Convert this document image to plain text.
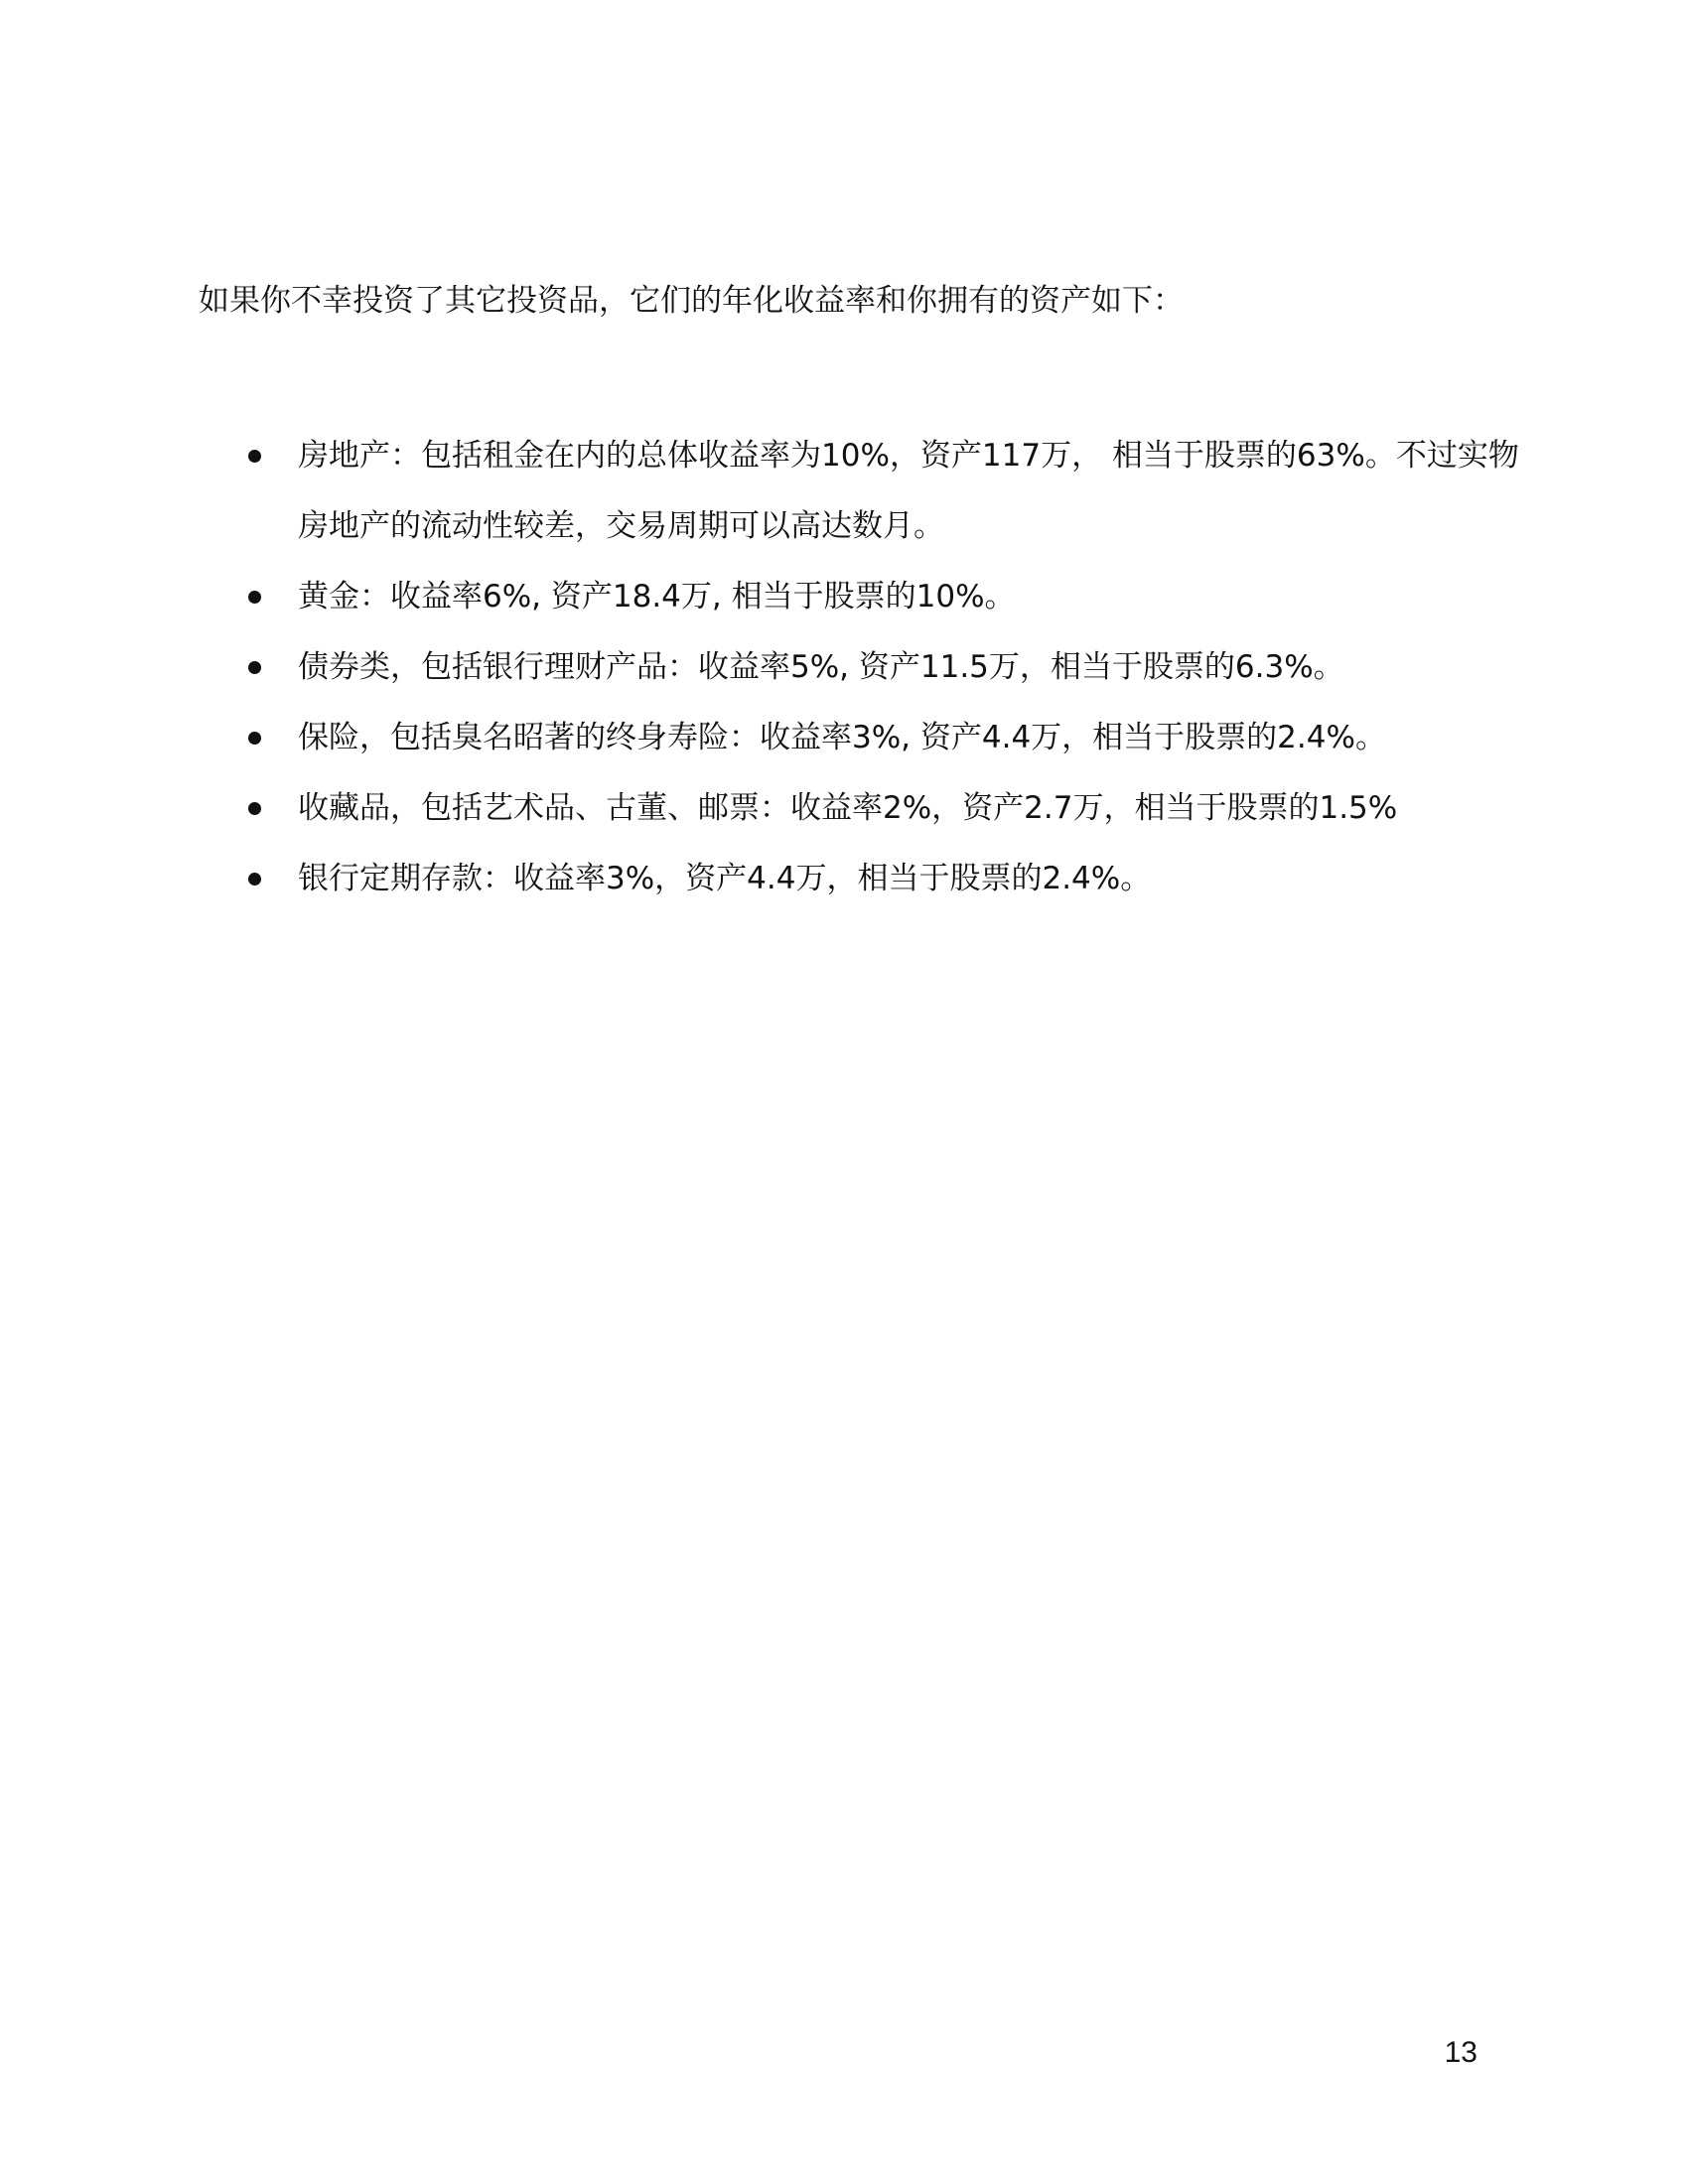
如果你不幸投资了其它投资品，它们的年化收益率和你拥有的资产如下：
房地产：包括租金在内的总体收益率为10%，资产117万， 相当于股票的63%。不过实物房地产的流动性较差，交易周期可以高达数月。
黄金：收益率6%, 资产18.4万, 相当于股票的10%。
债券类，包括银行理财产品：收益率5%, 资产11.5万，相当于股票的6.3%。
保险，包括臭名昭著的终身寿险：收益率3%, 资产4.4万，相当于股票的2.4%。
收藏品，包括艺术品、古董、邮票：收益率2%，资产2.7万，相当于股票的1.5%
银行定期存款：收益率3%，资产4.4万，相当于股票的2.4%。
13
